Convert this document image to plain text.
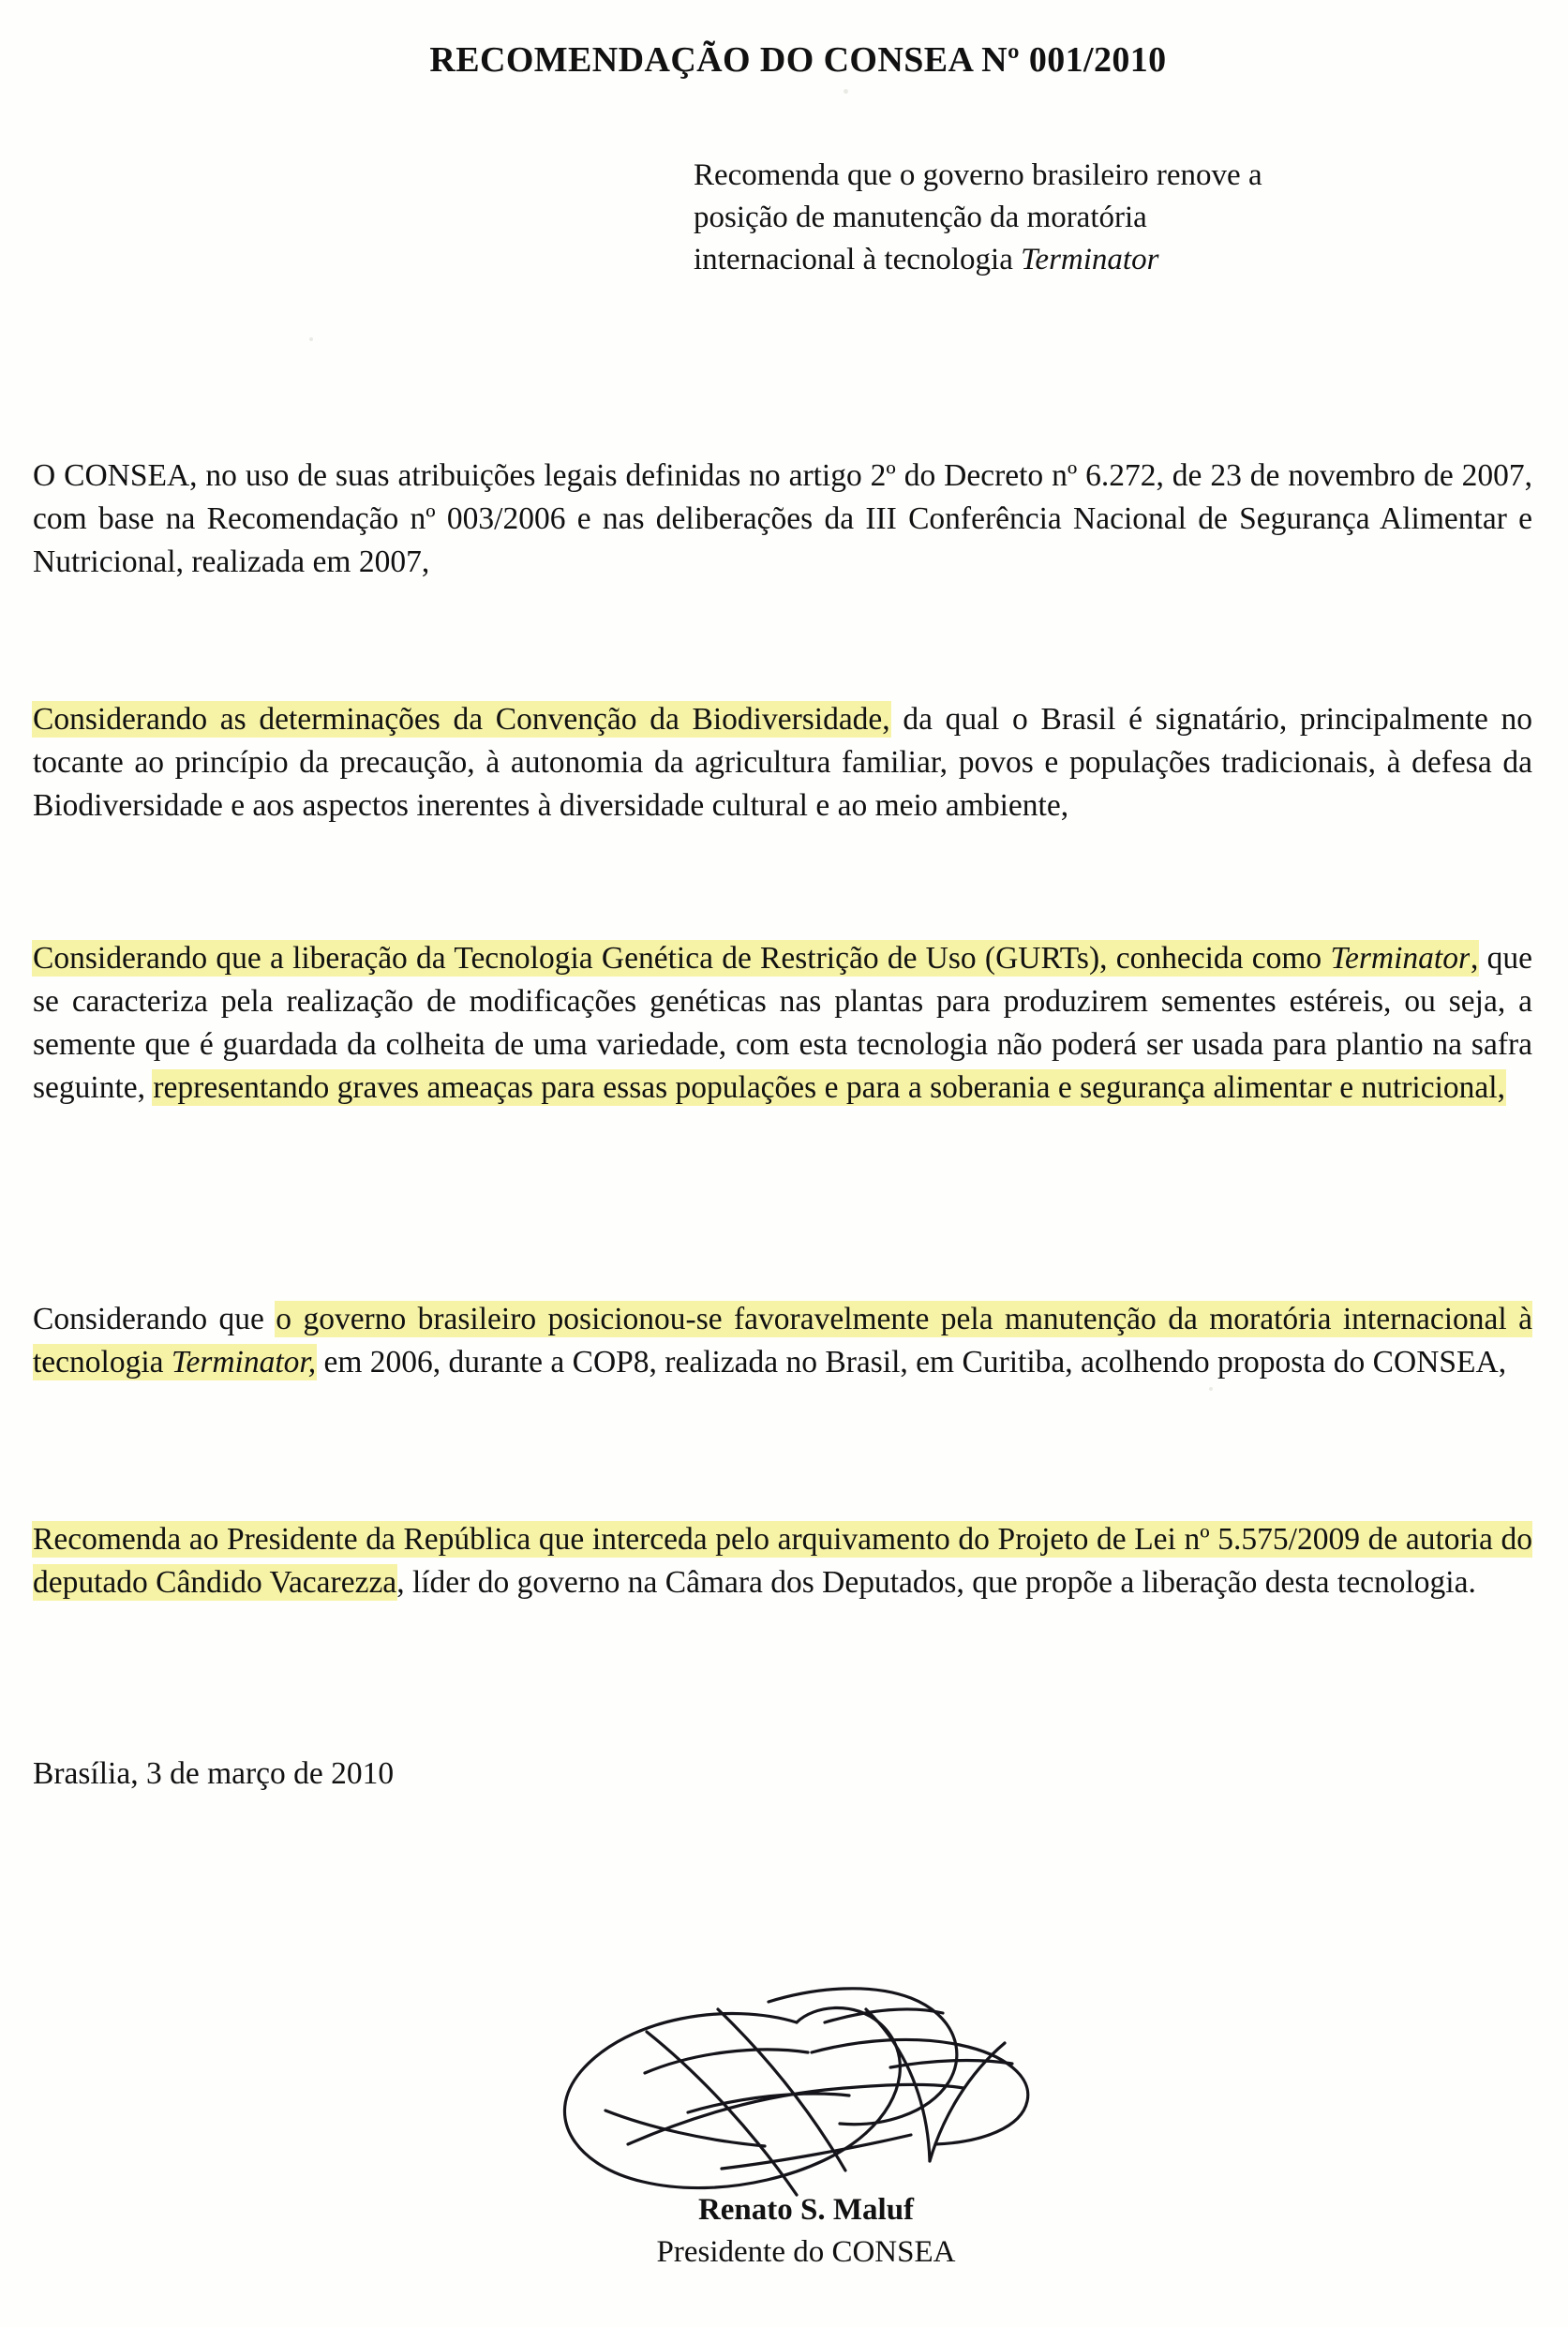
RECOMENDAÇÃO DO CONSEA Nº 001/2010
Recomenda que o governo brasileiro renove a
posição de manutenção da moratória
internacional à tecnologia Terminator
O CONSEA, no uso de suas atribuições legais definidas no artigo 2º do Decreto nº 6.272, de 23 de novembro de 2007, com base na Recomendação nº 003/2006 e nas deliberações da III Conferência Nacional de Segurança Alimentar e Nutricional, realizada em 2007,
Considerando as determinações da Convenção da Biodiversidade, da qual o Brasil é signatário, principalmente no tocante ao princípio da precaução, à autonomia da agricultura familiar, povos e populações tradicionais, à defesa da Biodiversidade e aos aspectos inerentes à diversidade cultural e ao meio ambiente,
Considerando que a liberação da Tecnologia Genética de Restrição de Uso (GURTs), conhecida como Terminator, que se caracteriza pela realização de modificações genéticas nas plantas para produzirem sementes estéreis, ou seja, a semente que é guardada da colheita de uma variedade, com esta tecnologia não poderá ser usada para plantio na safra seguinte, representando graves ameaças para essas populações e para a soberania e segurança alimentar e nutricional,
Considerando que o governo brasileiro posicionou-se favoravelmente pela manutenção da moratória internacional à tecnologia Terminator, em 2006, durante a COP8, realizada no Brasil, em Curitiba, acolhendo proposta do CONSEA,
Recomenda ao Presidente da República que interceda pelo arquivamento do Projeto de Lei nº 5.575/2009 de autoria do deputado Cândido Vacarezza, líder do governo na Câmara dos Deputados, que propõe a liberação desta tecnologia.
Brasília, 3 de março de 2010
Renato S. Maluf
Presidente do CONSEA
